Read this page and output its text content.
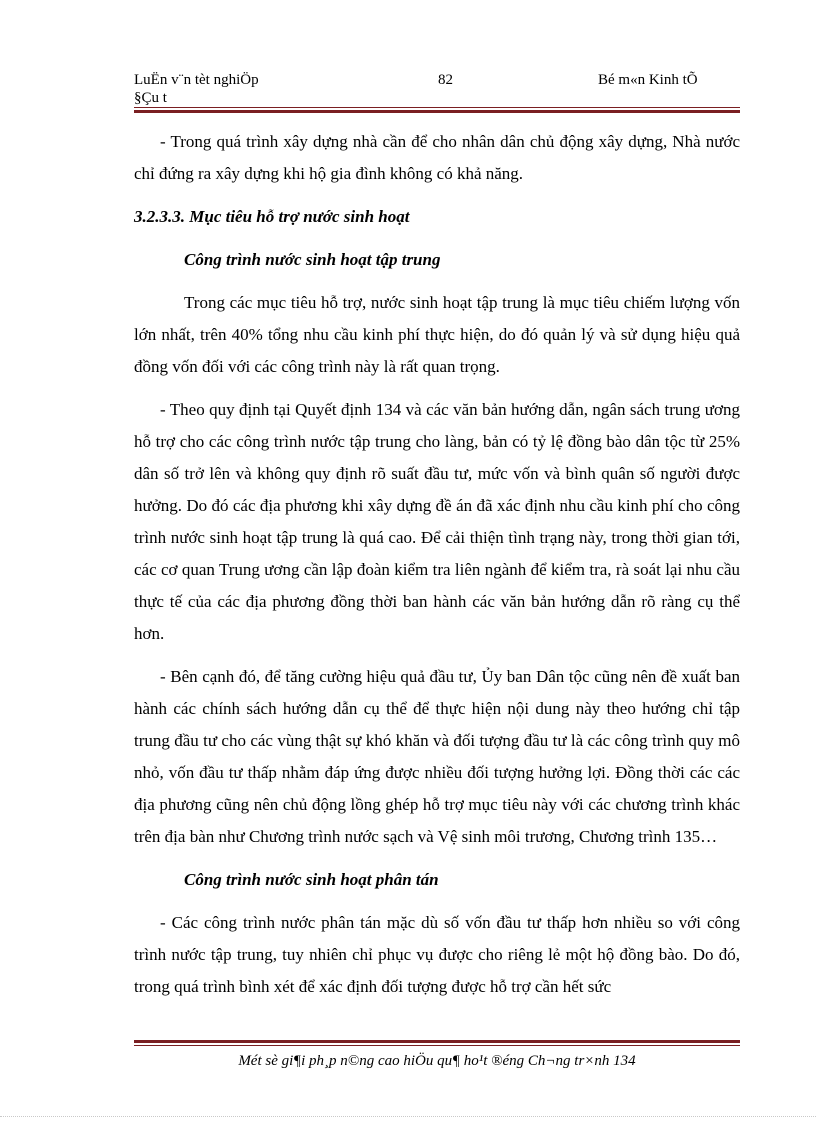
LuËn v¨n tèt nghiÖp
§Çu t
82	Bé m«n Kinh tÕ

- Trong quá trình xây dựng nhà cần để cho nhân dân chủ động xây dựng, Nhà nước chỉ đứng ra xây dựng khi hộ gia đình không có khả năng.

3.2.3.3. Mục tiêu hỗ trợ nước sinh hoạt

Công trình nước sinh hoạt tập trung

Trong các mục tiêu hỗ trợ, nước sinh hoạt tập trung là mục tiêu chiếm lượng vốn lớn nhất, trên 40% tổng nhu cầu kinh phí thực hiện, do đó quản lý và sử dụng hiệu quả đồng vốn đối với các công trình này là rất quan trọng.

- Theo quy định tại Quyết định 134 và các văn bản hướng dẫn, ngân sách trung ương hỗ trợ cho các công trình nước tập trung cho làng, bản có tỷ lệ đồng bào dân tộc từ 25% dân số trở lên và không quy định rõ suất đầu tư, mức vốn và bình quân số người được hưởng. Do đó các địa phương khi xây dựng đề án đã xác định nhu cầu kinh phí cho công trình nước sinh hoạt tập trung là quá cao. Để cải thiện tình trạng này, trong thời gian tới, các cơ quan Trung ương cần lập đoàn kiểm tra liên ngành để kiểm tra, rà soát lại nhu cầu thực tế của các địa phương đồng thời ban hành các văn bản hướng dẫn rõ ràng cụ thể hơn.

- Bên cạnh đó, để tăng cường hiệu quả đầu tư, Ủy ban Dân tộc cũng nên đề xuất ban hành các chính sách hướng dẫn cụ thể để thực hiện nội dung này theo hướng chỉ tập trung đầu tư cho các vùng thật sự khó khăn và đối tượng đầu tư là các công trình quy mô nhỏ, vốn đầu tư thấp nhằm đáp ứng được nhiều đối tượng hưởng lợi. Đồng thời các các địa phương cũng nên chủ động lồng ghép hỗ trợ mục tiêu này với các chương trình khác trên địa bàn như Chương trình nước sạch và Vệ sinh môi trương, Chương trình 135…

Công trình nước sinh hoạt phân tán

- Các công trình nước phân tán mặc dù số vốn đầu tư thấp hơn nhiều so với công trình nước tập trung, tuy nhiên chỉ phục vụ được cho riêng lẻ một hộ đồng bào. Do đó, trong quá trình bình xét để xác định đối tượng được hỗ trợ cần hết sức

Mét sè gi¶i ph¸p n©ng cao hiÖu qu¶ ho¹t ®éng Ch¬ng tr×nh 134
